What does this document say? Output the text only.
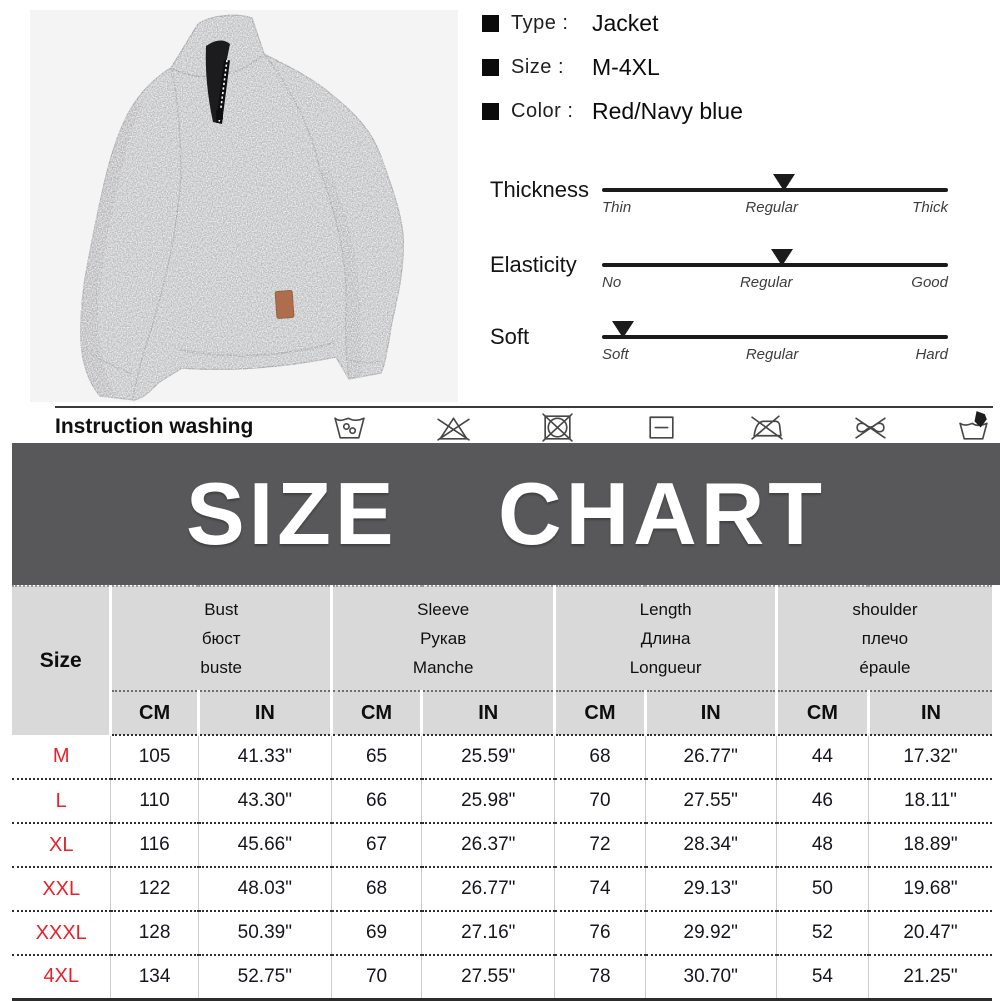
Type :	Jacket
Size :	M-4XL
Color : Red/Navy blue
Thickness
Thin	Regular	Thick
Elasticity
No	Regular	Good
Soft
Soft	Regular	Hard
Instruction washing
SIZE CHART
Size	
Bust
бюст
buste

Sleeve
Рукав
Manche

Length
Длина
Longueur

shoulder
плечо
épaule

	CM	IN	CM	IN	CM	IN	CM	IN
M	105	41.33"	65	25.59"	68	26.77"	44	17.32"
L	110	43.30"	66	25.98"	70	27.55"	46	18.11"
XL	116	45.66"	67	26.37"	72	28.34"	48	18.89"
XXL	122	48.03"	68	26.77"	74	29.13"	50	19.68"
XXXL	128	50.39"	69	27.16"	76	29.92"	52	20.47"
4XL	134	52.75"	70	27.55"	78	30.70"	54	21.25"
